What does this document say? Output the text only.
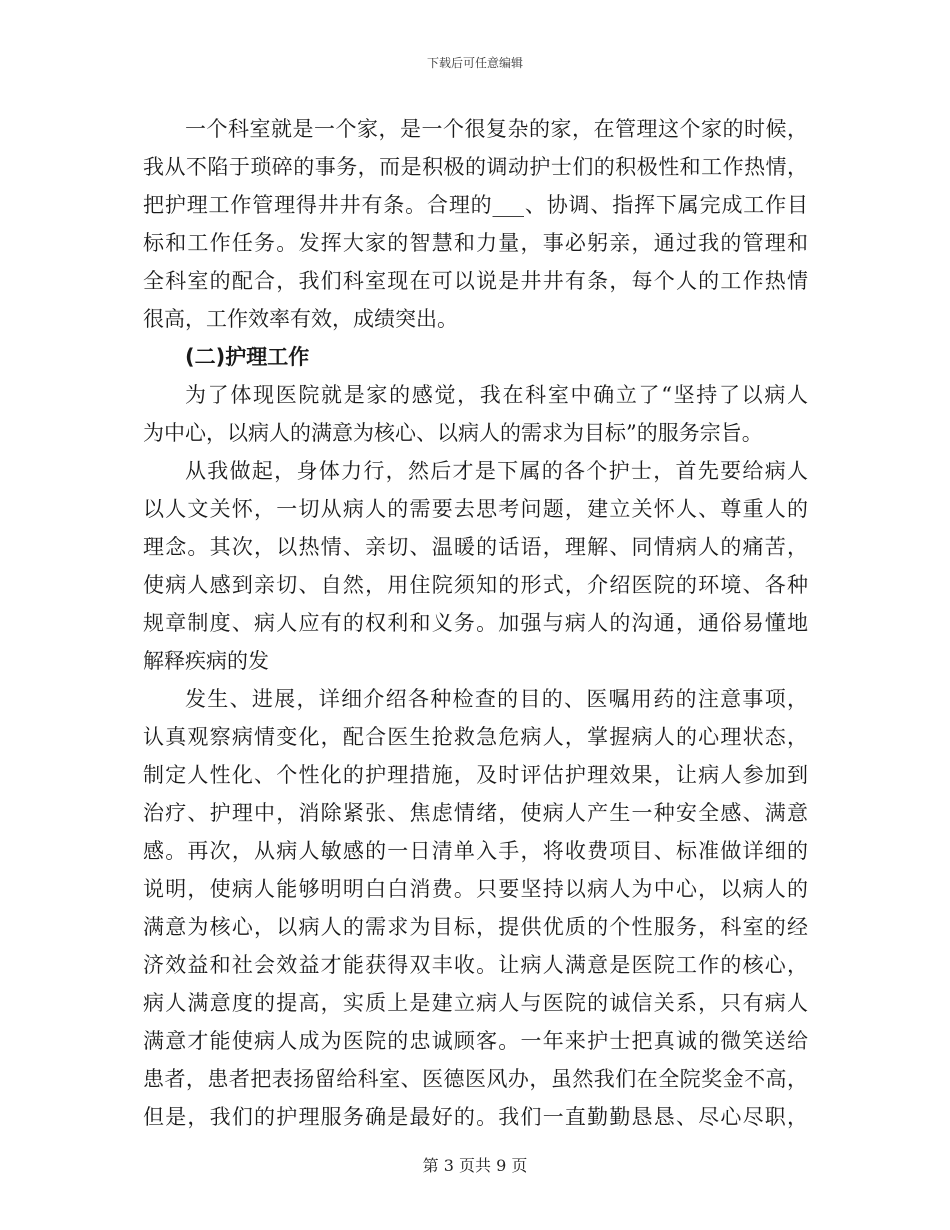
下载后可任意编辑
一个科室就是一个家，是一个很复杂的家，在管理这个家的时候，
我从不陷于琐碎的事务，而是积极的调动护士们的积极性和工作热情，
把护理工作管理得井井有条。合理的___、协调、指挥下属完成工作目
标和工作任务。发挥大家的智慧和力量，事必躬亲，通过我的管理和
全科室的配合，我们科室现在可以说是井井有条，每个人的工作热情
很高，工作效率有效，成绩突出。
(二)护理工作
为了体现医院就是家的感觉，我在科室中确立了“坚持了以病人
为中心，以病人的满意为核心、以病人的需求为目标”的服务宗旨。
从我做起，身体力行，然后才是下属的各个护士，首先要给病人
以人文关怀，一切从病人的需要去思考问题，建立关怀人、尊重人的
理念。其次，以热情、亲切、温暖的话语，理解、同情病人的痛苦，
使病人感到亲切、自然，用住院须知的形式，介绍医院的环境、各种
规章制度、病人应有的权利和义务。加强与病人的沟通，通俗易懂地
解释疾病的发
发生、进展，详细介绍各种检查的目的、医嘱用药的注意事项，
认真观察病情变化，配合医生抢救急危病人，掌握病人的心理状态，
制定人性化、个性化的护理措施，及时评估护理效果，让病人参加到
治疗、护理中，消除紧张、焦虑情绪，使病人产生一种安全感、满意
感。再次，从病人敏感的一日清单入手，将收费项目、标准做详细的
说明，使病人能够明明白白消费。只要坚持以病人为中心，以病人的
满意为核心，以病人的需求为目标，提供优质的个性服务，科室的经
济效益和社会效益才能获得双丰收。让病人满意是医院工作的核心，
病人满意度的提高，实质上是建立病人与医院的诚信关系，只有病人
满意才能使病人成为医院的忠诚顾客。一年来护士把真诚的微笑送给
患者，患者把表扬留给科室、医德医风办，虽然我们在全院奖金不高，
但是，我们的护理服务确是最好的。我们一直勤勤恳恳、尽心尽职，
第 3 页共 9 页
